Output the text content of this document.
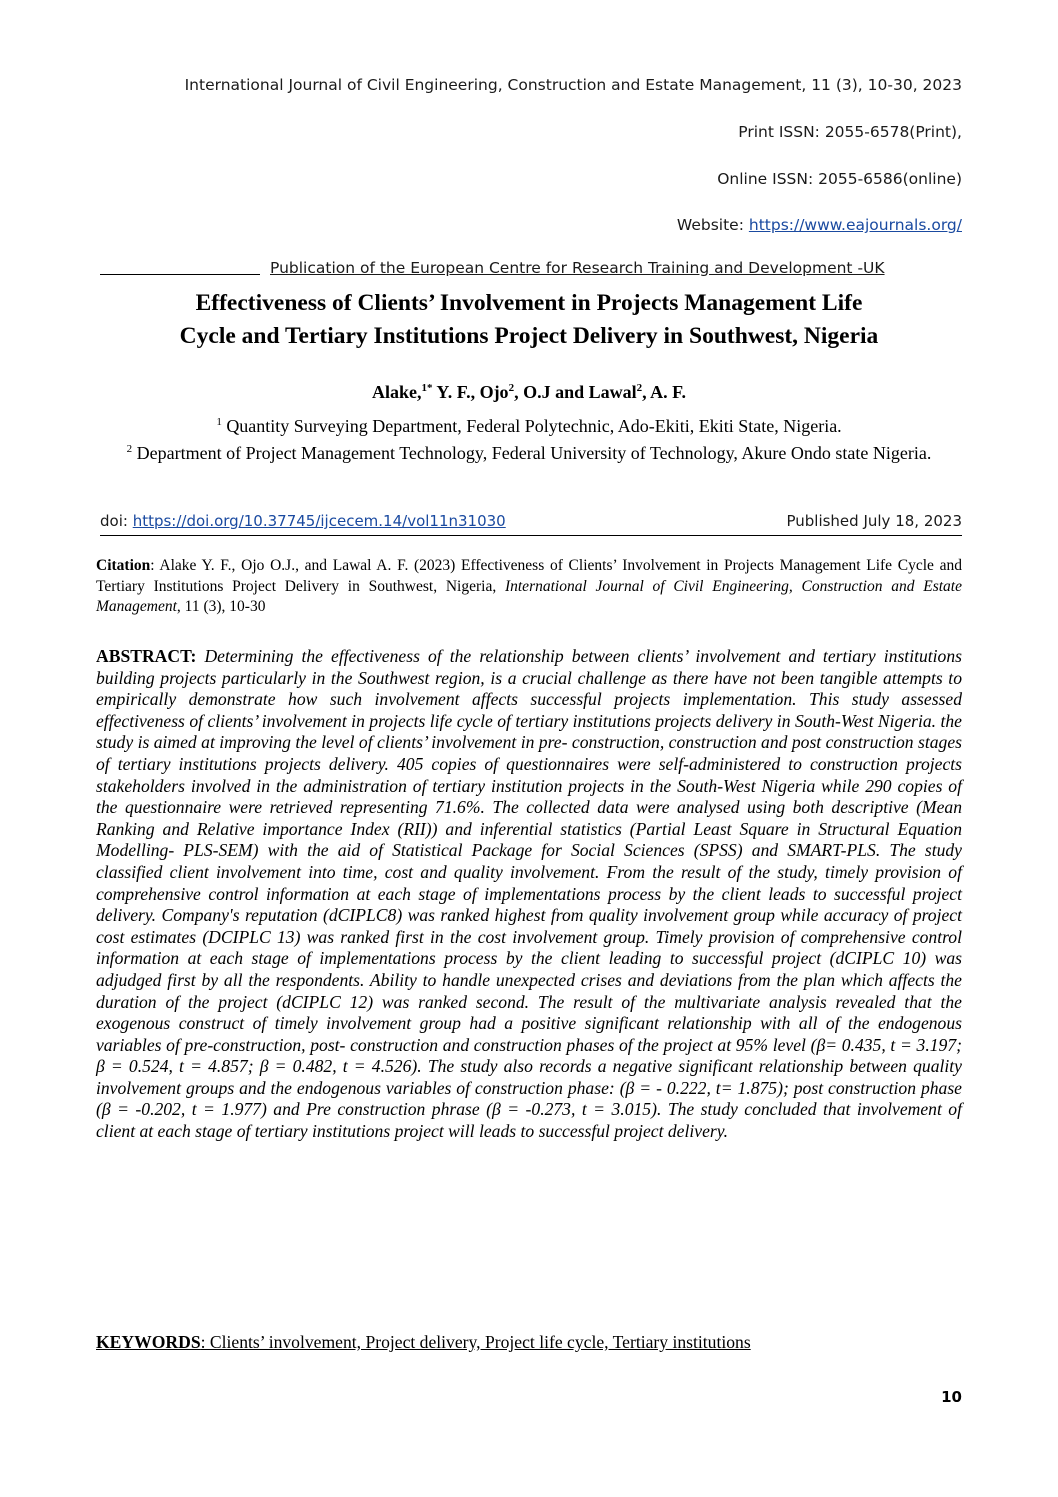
International Journal of Civil Engineering, Construction and Estate Management, 11 (3), 10-30, 2023

Print ISSN: 2055-6578(Print),

Online ISSN: 2055-6586(online)

Website: https://www.eajournals.org/

Publication of the European Centre for Research Training and Development -UK

Effectiveness of Clients’ Involvement in Projects Management Life
Cycle and Tertiary Institutions Project Delivery in Southwest, Nigeria

Alake,$^{1*}$ Y. F., Ojo$^2$, O.J and Lawal$^2$, A. F.

$^1$ Quantity Surveying Department, Federal Polytechnic, Ado-Ekiti, Ekiti State, Nigeria.

$^2$ Department of Project Management Technology, Federal University of Technology, Akure Ondo state Nigeria.

doi: https://doi.org/10.37745/ijcecem.14/vol11n31030	Published July 18, 2023

Citation: Alake Y. F., Ojo O.J., and Lawal A. F. (2023) Effectiveness of Clients’ Involvement in Projects Management Life Cycle and Tertiary Institutions Project Delivery in Southwest, Nigeria, International Journal of Civil Engineering, Construction and Estate Management, 11 (3), 10-30

ABSTRACT: Determining the effectiveness of the relationship between clients’ involvement and tertiary institutions building projects particularly in the Southwest region, is a crucial challenge as there have not been tangible attempts to empirically demonstrate how such involvement affects successful projects implementation. This study assessed effectiveness of clients’ involvement in projects life cycle of tertiary institutions projects delivery in South-West Nigeria. the study is aimed at improving the level of clients’ involvement in pre- construction, construction and post construction stages of tertiary institutions projects delivery. 405 copies of questionnaires were self-administered to construction projects stakeholders involved in the administration of tertiary institution projects in the South-West Nigeria while 290 copies of the questionnaire were retrieved representing 71.6%. The collected data were analysed using both descriptive (Mean Ranking and Relative importance Index (RII)) and inferential statistics (Partial Least Square in Structural Equation Modelling- PLS-SEM) with the aid of Statistical Package for Social Sciences (SPSS) and SMART-PLS. The study classified client involvement into time, cost and quality involvement. From the result of the study, timely provision of comprehensive control information at each stage of implementations process by the client leads to successful project delivery. Company's reputation (dCIPLC8) was ranked highest from quality involvement group while accuracy of project cost estimates (DCIPLC 13) was ranked first in the cost involvement group. Timely provision of comprehensive control information at each stage of implementations process by the client leading to successful project (dCIPLC 10) was adjudged first by all the respondents. Ability to handle unexpected crises and deviations from the plan which affects the duration of the project (dCIPLC 12) was ranked second. The result of the multivariate analysis revealed that the exogenous construct of timely involvement group had a positive significant relationship with all of the endogenous variables of pre-construction, post- construction and construction phases of the project at 95% level (β= 0.435, t = 3.197; β = 0.524, t = 4.857; β = 0.482, t = 4.526). The study also records a negative significant relationship between quality involvement groups and the endogenous variables of construction phase: (β = - 0.222, t= 1.875); post construction phase (β = -0.202, t = 1.977) and Pre construction phrase (β = -0.273, t = 3.015). The study concluded that involvement of client at each stage of tertiary institutions project will leads to successful project delivery.

KEYWORDS: Clients’ involvement, Project delivery, Project life cycle, Tertiary institutions

10
